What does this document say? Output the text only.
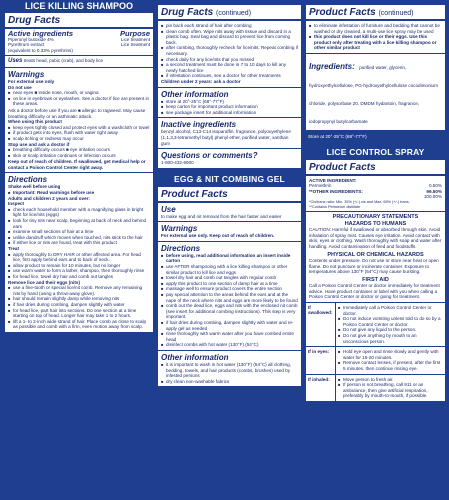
LICE KILLING SHAMPOO
Drug Facts
Active ingredients	Purpose
Piperonyl butoxide 4%	Lice treatment
Pyrethrum extract	Lice treatment
(equivalent to 0.33% pyrethrins)
Uses treats head, pubic (crab), and body lice
Warnings
For external use only
Do not use
■ near eyes ■ inside nose, mouth, or vagina
■ on lice in eyebrows or eyelashes. See a doctor if lice are present in these areas.
Ask a doctor before use if you are ■ allergic to ragweed. May cause breathing difficulty or an asthmatic attack.
When using this product
■ keep eyes tightly closed and protect eyes with a washcloth or towel
■ if product gets into eyes, flush with water right away
■ scalp itching or redness may occur
Stop use and ask a doctor if
■ breathing difficulty occurs ■ eye irritation occurs
■ skin or scalp irritation continues or infection occurs
Keep out of reach of children. If swallowed, get medical help or contact a Poison Control Center right away.
Directions
Shake well before using
■ Important: Read warnings before use
Adults and children 2 years and over:
Inspect
■ check each household member with a magnifying glass in bright light for lice/nits (eggs)
■ look for tiny nits near scalp, beginning at back of neck and behind ears
■ examine small sections of hair at a time
■ unlike dandruff which moves when touched, nits stick to the hair
■ if either lice or nits are found, treat with this product
Treat
■ apply thoroughly to DRY HAIR or other affected area. For head lice, first apply behind ears and to back of neck.
■ allow product to remain for 10 minutes, but no longer
■ use warm water to form a lather, shampoo, then thoroughly rinse
■ for head lice, towel dry hair and comb out tangles
Remove lice and their eggs (nits)
■ use a fine-tooth or special lice/nit comb. Remove any remaining nits by hand (using a throw-away glove).
■ hair should remain slightly damp while removing nits
■ if hair dries during combing, dampen slightly with water
■ for head lice, part hair into sections. Do one section at a time starting on top of head. Longer hair may take 1 to 2 hours.
■ lift a 1- to 2-inch wide strand of hair. Place comb as close to scalp as possible and comb with a firm, even motion away from scalp.
Drug Facts (continued)
■ pin back each strand of hair after combing
■ clean comb often. Wipe nits away with tissue and discard in a plastic bag. Seal bag and discard to prevent lice from coming back.
■ after combing, thoroughly recheck for lice/nits. Repeat combing if necessary.
■ check daily for any lice/nits that you missed
■ a second treatment must be done in 7 to 10 days to kill any newly hatched lice
■ if infestation continues, see a doctor for other treatments
Children under 2 years: ask a doctor
Other information
■ store at 20°-25°C (68°-77°F)
■ keep carton for important product information
■ see package insert for additional information
Inactive ingredients
benzyl alcohol, C13-C14 isoparaffin, fragrance, polyoxyethylene (1,1,3,3-tetramethyl butyl) phenyl ether, purified water, xanthan gum
Questions or comments?
1-800-432-6900
EGG & NIT COMBING GEL
Product Facts
Use
to make egg and nit removal from the hair faster and easier
Warnings
For external use only. Keep out of reach of children.
Directions
■ before using, read additional information an insert inside carton
■ use AFTER shampooing with a lice killing shampoo or other similar product to kill lice and eggs
■ towel dry hair and comb out tangles with regular comb
■ apply this product to one section of damp hair at a time
■ massage well to ensure product covers the entire section
■ pay special attention to the areas behind the ears and at the nape of the neck where nits and eggs are more likely to be found
■ comb out the dead lice, eggs and nits with the enclosed nit comb (see insert for additional combing instructions). This step is very important.
■ if hair dries during combing, dampen slightly with water and re-apply gel as needed
■ rinse thoroughly with warm water after you have combed entire head
■ disinfect combs with hot water (130°F) (54°C)
Other information
■ it is important to wash in hot water (130°F) (54°C) all clothing, bedding, towels, and hair products (combs, brushes) used by infested persons
■ dry clean non-washable fabrics
Product Facts (continued)
■ to eliminate infestation of furniture and bedding that cannot be washed or dry cleaned, a multi-use lice spray may be used
■ this product does not kill lice or their eggs. Use this product only after treating with a lice killing shampoo or other similar product
Ingredients: purified water, glycerin, hydroxyethylcellulose, PG-hydroxyethylcellulose cocodimonium chloride, polysorbate 20, DMDM hydantoin, fragrance, iodopropynyl butylcarbamate
Store at 20°-25°C (68°-77°F)
LICE CONTROL SPRAY
Product Facts
ACTIVE INGREDIENT:
Permethrin	0.50%
**OTHER INGREDIENTS:	99.50%
100.00%
*Cis/trans ratio: Min. 35% (+/-) cis and Max. 65% (+/-) trans.
**Contains Petroleum distillate
PRECAUTIONARY STATEMENTS
HAZARDS TO HUMANS
CAUTION: Harmful if swallowed or absorbed through skin. Avoid inhalation of spray mist. Causes eye irritation. Avoid contact with skin, eyes or clothing. Wash thoroughly with soap and water after handling. Avoid contamination of feed and foodstuffs.
PHYSICAL OR CHEMICAL HAZARDS
Contents under pressure. Do not use or store near heat or open flame. Do not puncture or incinerate container. Exposure to temperatures above 130°F (54°C) may cause bursting.
FIRST AID
Call a Poison Control Center or doctor immediately for treatment advice. Have product container or label with you when calling a Poison Control Center or doctor or going for treatment.
If swallowed:
■ Immediately call a Poison Control Center or doctor.
■ Do not induce vomiting unless told to do so by a Poison Control Center or doctor.
■ Do not give any liquid to the person.
■ Do not give anything by mouth to an unconscious person.
If in eyes:	■ Hold eye open and rinse slowly and gently with water for 15-20 minutes.
■ Remove contact lenses, if present, after the first 5 minutes, then continue rinsing eye.
If inhaled:	■ Move person to fresh air.
■ If person is not breathing, call 911 or an ambulance, then give artificial respiration, preferably by mouth-to-mouth, if possible.
